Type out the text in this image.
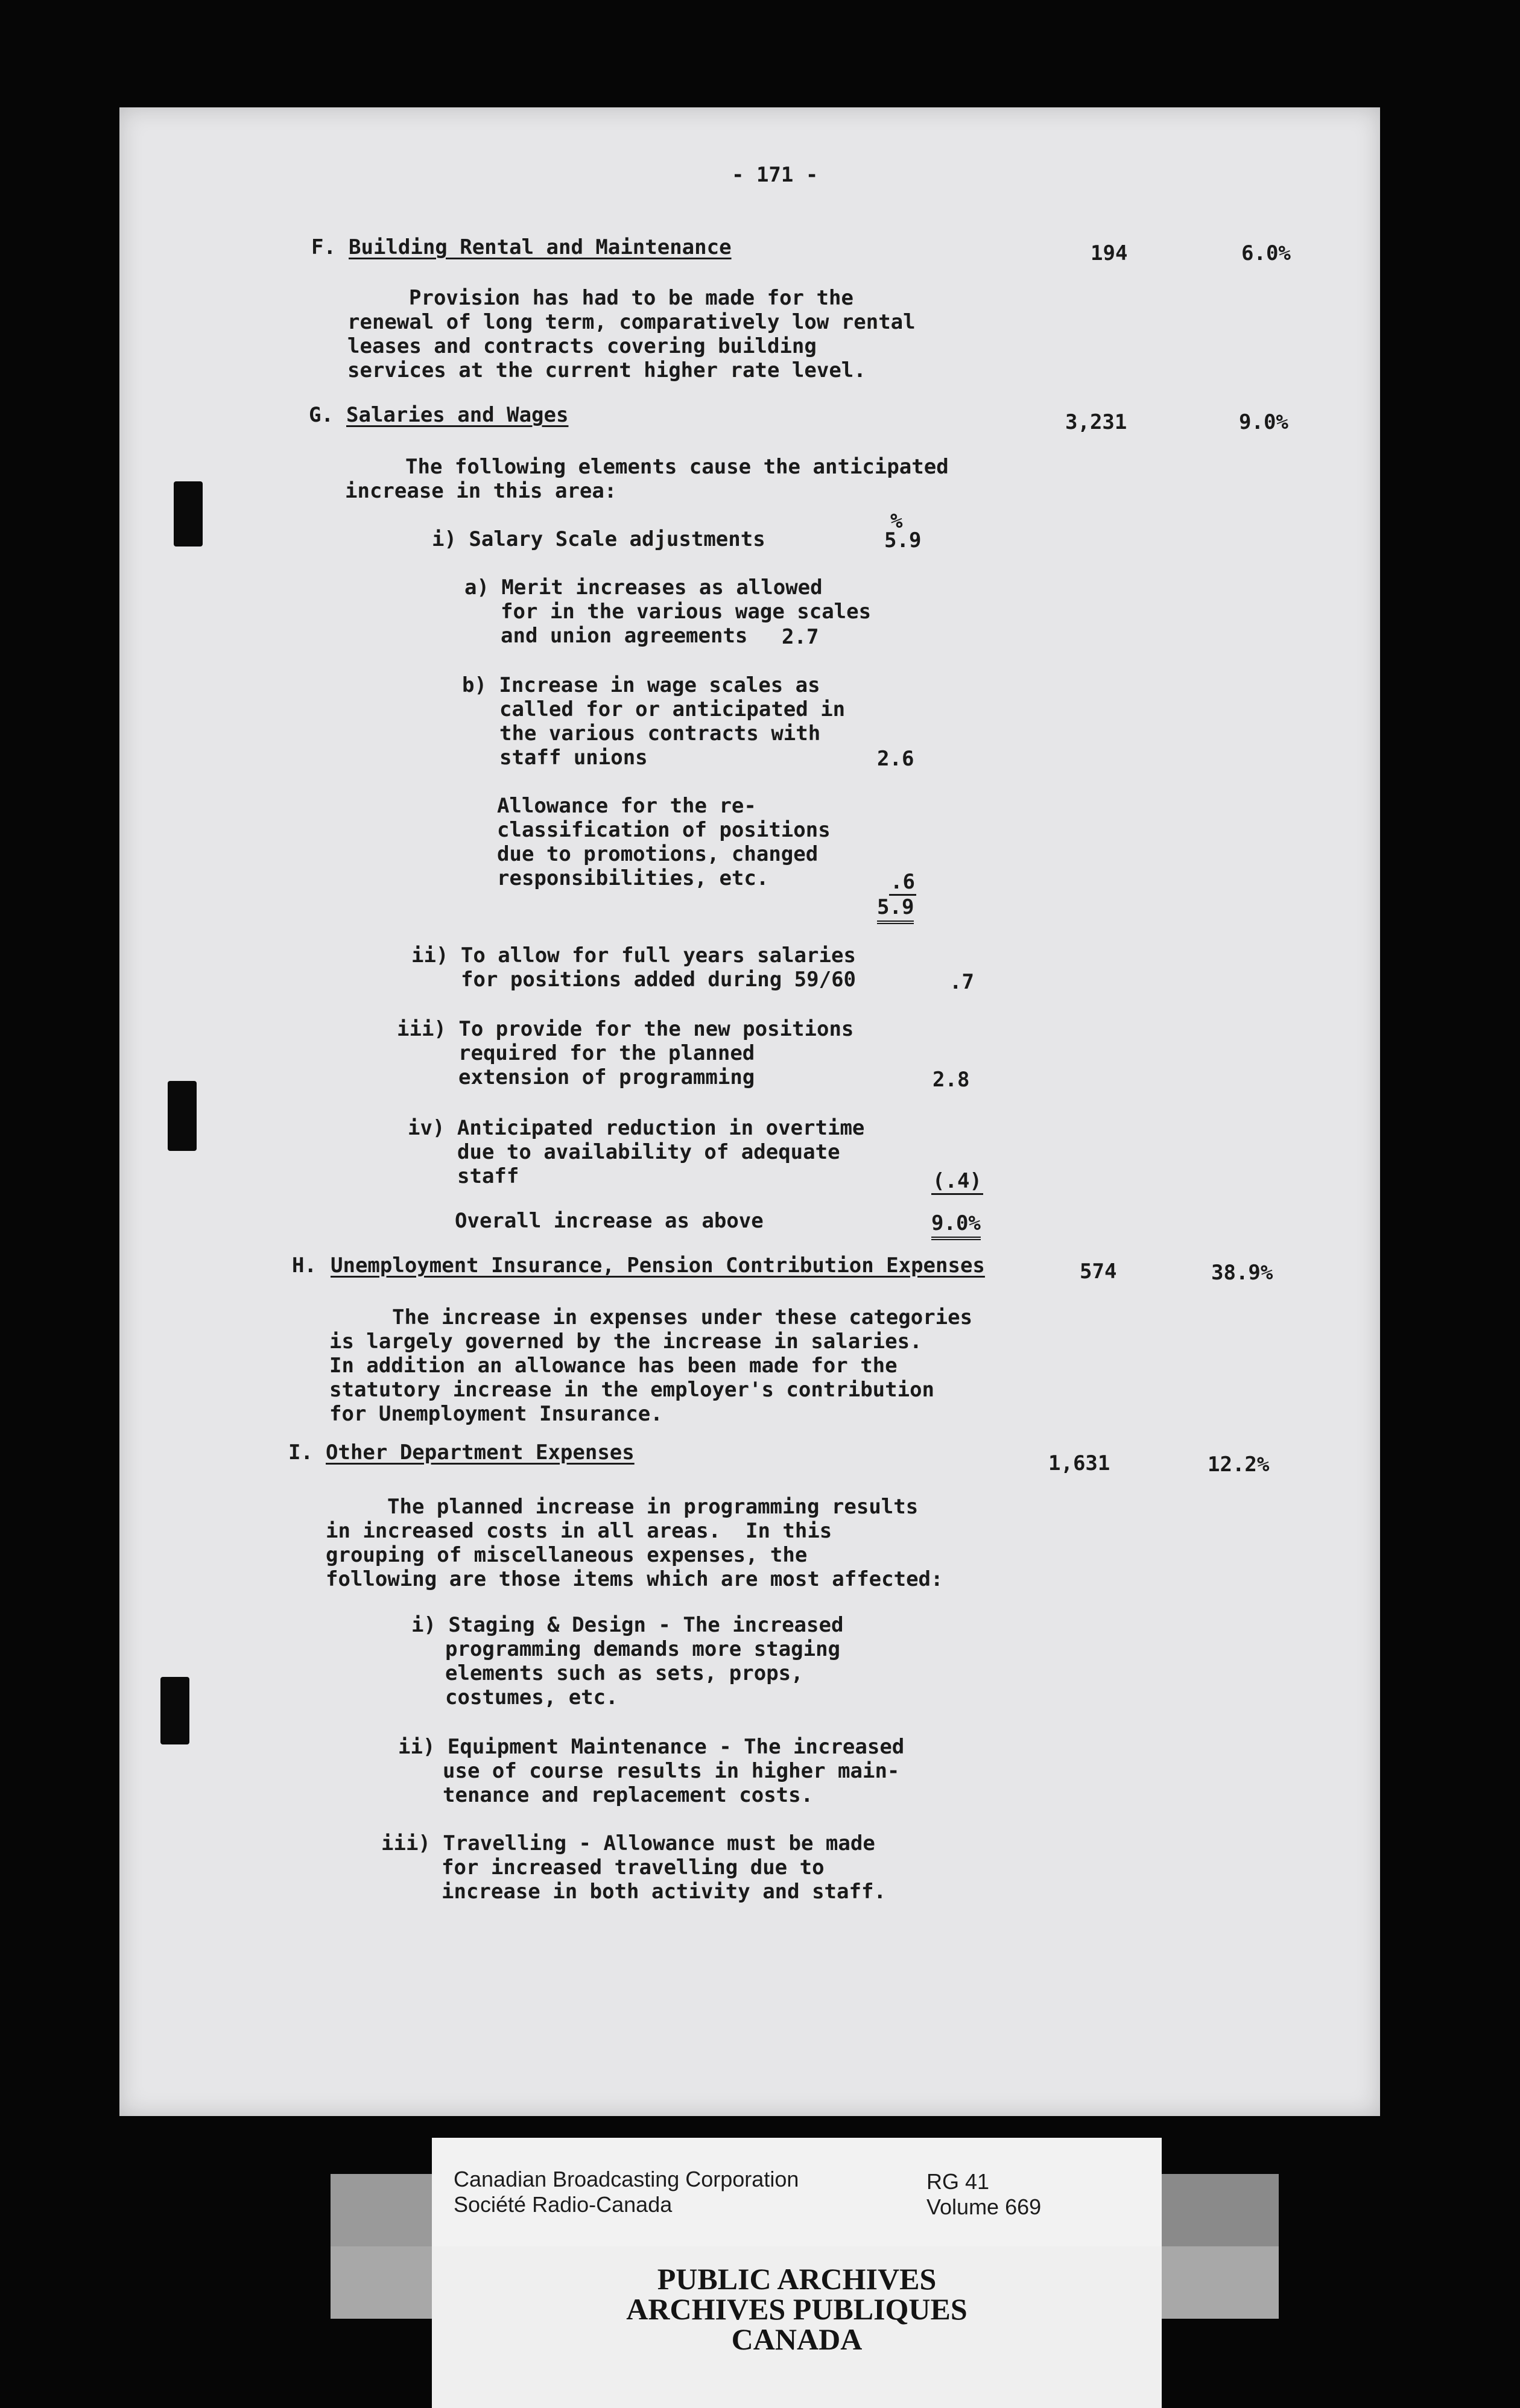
- 171 -
F. Building Rental and Maintenance	194	6.0%
Provision has had to be made for the
renewal of long term, comparatively low rental
leases and contracts covering building
services at the current higher rate level.
G. Salaries and Wages	3,231	9.0%
The following elements cause the anticipated
increase in this area:
%
i) Salary Scale adjustments	5.9
a) Merit increases as allowed
for in the various wage scales
and union agreements 2.7
b) Increase in wage scales as
called for or anticipated in
the various contracts with
staff unions	2.6
Allowance for the re-
classification of positions
due to promotions, changed
responsibilities, etc.	.6
5.9
ii) To allow for full years salaries
for positions added during 59/60	.7
iii) To provide for the new positions
required for the planned
extension of programming	2.8
iv) Anticipated reduction in overtime
due to availability of adequate
staff	(.4)
Overall increase as above	9.0%
H. Unemployment Insurance, Pension Contribution Expenses	574	38.9%
The increase in expenses under these categories
is largely governed by the increase in salaries.
In addition an allowance has been made for the
statutory increase in the employer's contribution
for Unemployment Insurance.
I. Other Department Expenses	1,631	12.2%
The planned increase in programming results
in increased costs in all areas.  In this
grouping of miscellaneous expenses, the
following are those items which are most affected:
i) Staging & Design - The increased
programming demands more staging
elements such as sets, props,
costumes, etc.
ii) Equipment Maintenance - The increased
use of course results in higher main-
tenance and replacement costs.
iii) Travelling - Allowance must be made
for increased travelling due to
increase in both activity and staff.
Canadian Broadcasting Corporation
Société Radio-Canada
RG 41
Volume 669
PUBLIC ARCHIVES
ARCHIVES PUBLIQUES
CANADA
